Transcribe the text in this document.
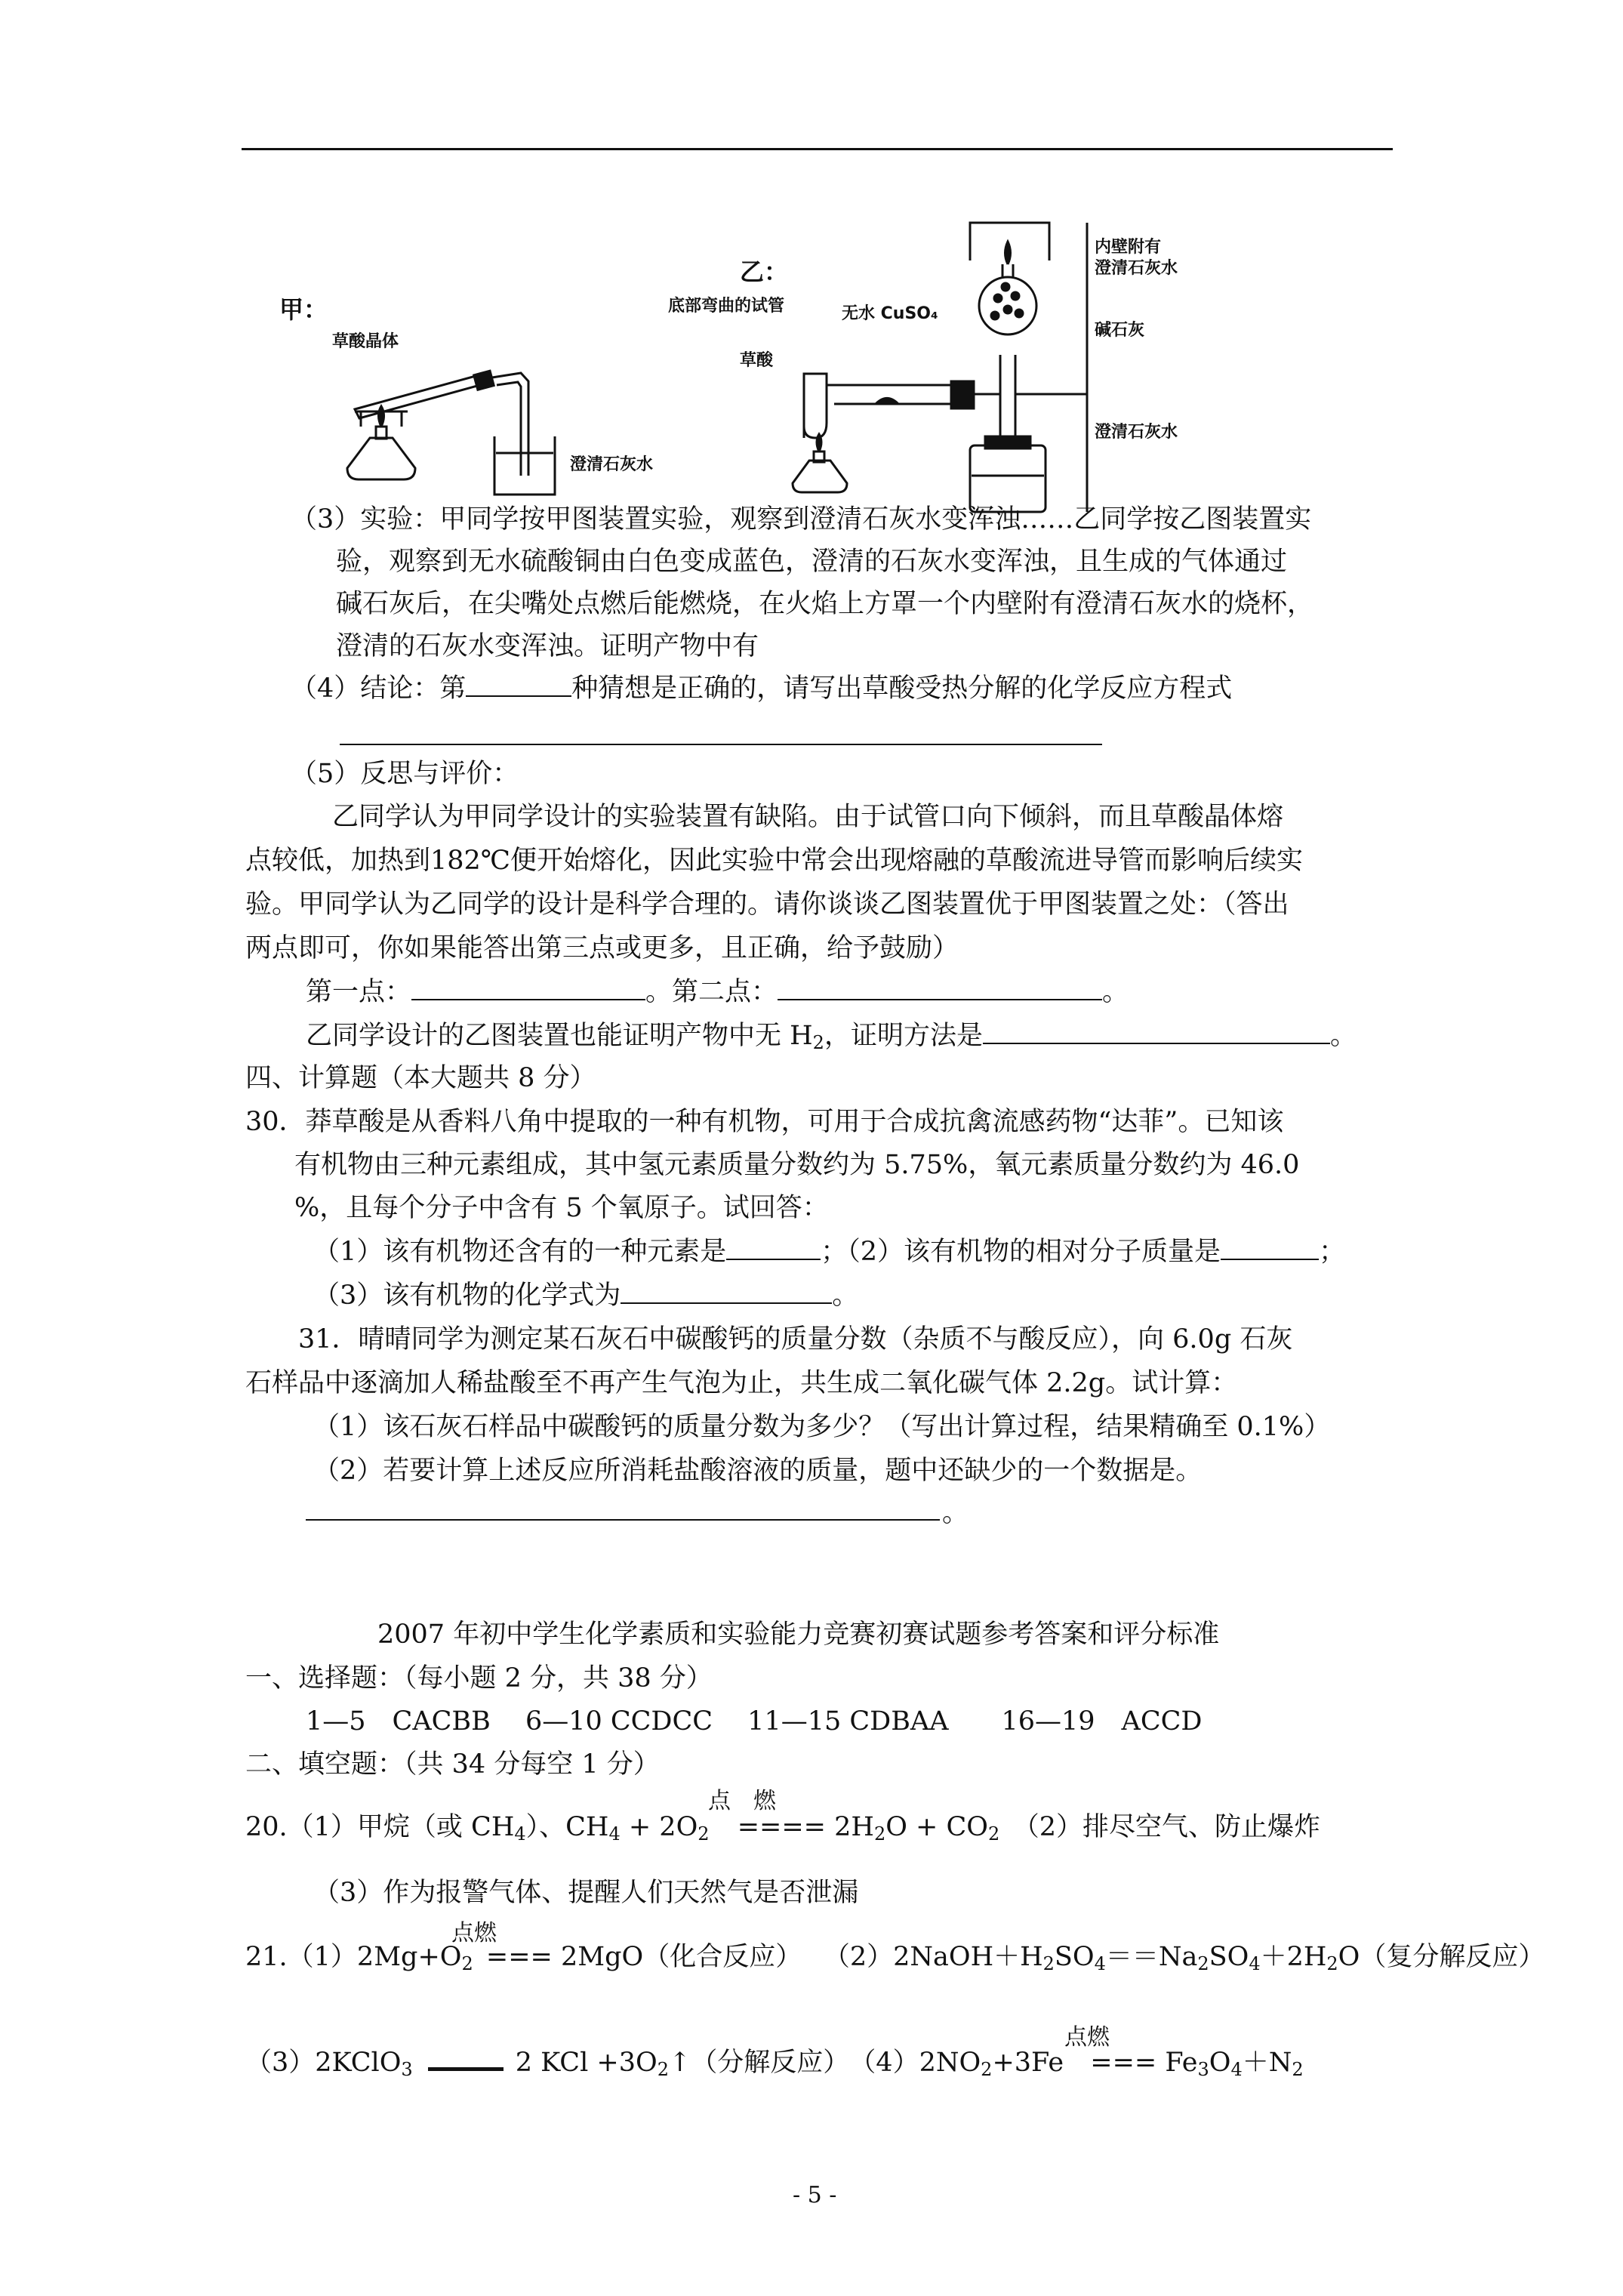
甲：
草酸晶体
澄清石灰水
乙：
底部弯曲的试管	无水 CuSO₄
草酸
内壁附有
澄清石灰水
碱石灰
澄清石灰水
（3）实验：甲同学按甲图装置实验，观察到澄清石灰水变浑浊……乙同学按乙图装置实
验，观察到无水硫酸铜由白色变成蓝色，澄清的石灰水变浑浊，且生成的气体通过
碱石灰后，在尖嘴处点燃后能燃烧，在火焰上方罩一个内壁附有澄清石灰水的烧杯，
澄清的石灰水变浑浊。证明产物中有
（4）结论：第	种猜想是正确的，请写出草酸受热分解的化学反应方程式
（5）反思与评价：
乙同学认为甲同学设计的实验装置有缺陷。由于试管口向下倾斜，而且草酸晶体熔
点较低，加热到182℃便开始熔化，因此实验中常会出现熔融的草酸流进导管而影响后续实
验。甲同学认为乙同学的设计是科学合理的。请你谈谈乙图装置优于甲图装置之处：（答出
两点即可，你如果能答出第三点或更多，且正确，给予鼓励）
第一点：	。第二点：	。
乙同学设计的乙图装置也能证明产物中无 $H_2$，证明方法是	。
四、计算题（本大题共 8 分）
30．莽草酸是从香料八角中提取的一种有机物，可用于合成抗禽流感药物“达菲”。已知该
有机物由三种元素组成，其中氢元素质量分数约为 5.75%，氧元素质量分数约为 46.0
%，且每个分子中含有 5 个氧原子。试回答：
（1）该有机物还含有的一种元素是	；（2）该有机物的相对分子质量是	；
（3）该有机物的化学式为	。
31．晴晴同学为测定某石灰石中碳酸钙的质量分数（杂质不与酸反应），向 6.0g 石灰
石样品中逐滴加人稀盐酸至不再产生气泡为止，共生成二氧化碳气体 2.2g。试计算：
（1）该石灰石样品中碳酸钙的质量分数为多少？（写出计算过程，结果精确至 0.1%）
（2）若要计算上述反应所消耗盐酸溶液的质量，题中还缺少的一个数据是。
。
2007 年初中学生化学素质和实验能力竞赛初赛试题参考答案和评分标准
一、选择题：（每小题 2 分，共 38 分）
1—5　CACBB　 6—10 CCDCC　 11—15 CDBAA　　16—19　ACCD
二、填空题：（共 34 分每空 1 分）
20.（1）甲烷（或 $CH_4$）、$CH_4 + 2O_2$ ==== $2H_2O + CO_2$　（2）排尽空气、防止爆炸
点　燃
（3）作为报警气体、提醒人们天然气是否泄漏
$21.(1)2Mg+O_2$ === 2MgO（化合反应）　 $(2)2NaOH+H_2SO_4==Na_2SO_4+2H_2O$（复分解反应）
点燃
（3）2KClO$_3$	2 KCl $+3O_2↑$（分解反应）　$(4)2NO_2+3Fe$ === $Fe_3O_4+N_2$
点燃
- 5 -
